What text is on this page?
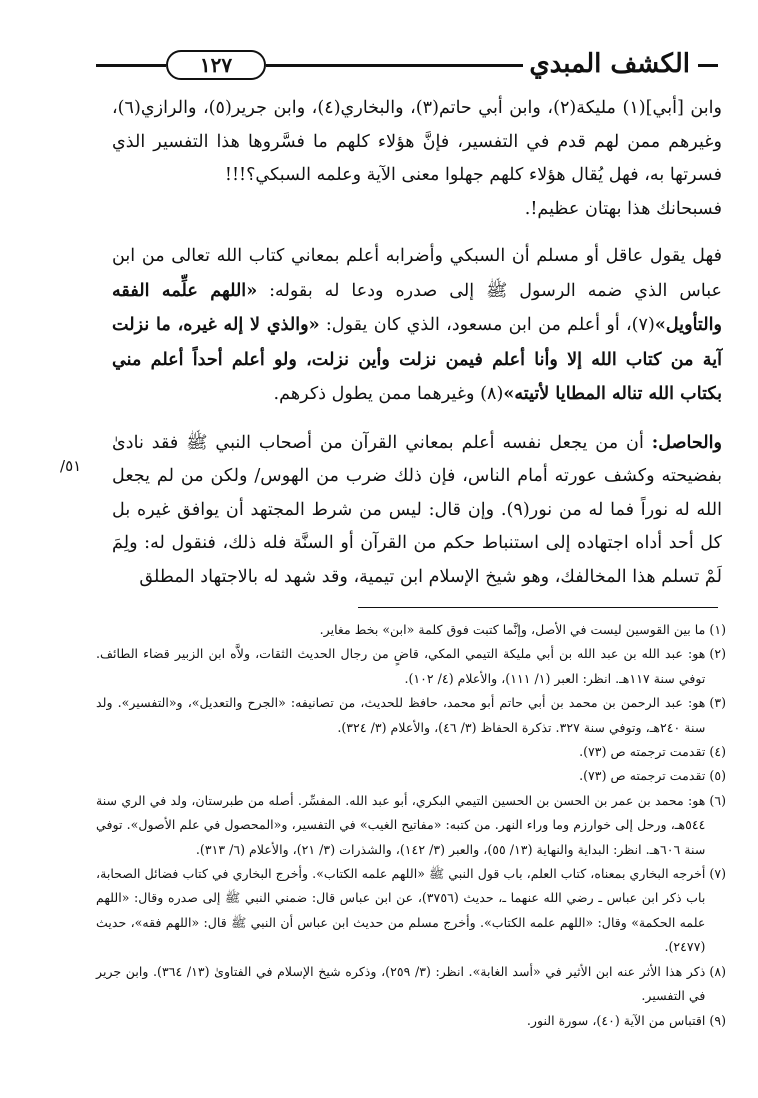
١٢٧	الكشف المبدي

وابن [أبي](١) مليكة(٢)، وابن أبي حاتم(٣)، والبخاري(٤)، وابن جرير(٥)، والرازي(٦)، وغيرهم ممن لهم قدم في التفسير، فإنَّ هؤلاء كلهم ما فسَّروها هذا التفسير الذي فسرتها به، فهل يُقال هؤلاء كلهم جهلوا معنى الآية وعلمه السبكي؟!!!

فسبحانك هذا بهتان عظيم!.

فهل يقول عاقل أو مسلم أن السبكي وأضرابه أعلم بمعاني كتاب الله تعالى من ابن عباس الذي ضمه الرسول ﷺ إلى صدره ودعا له بقوله: «اللهم علِّمه الفقه والتأويل»(٧)، أو أعلم من ابن مسعود، الذي كان يقول: «والذي لا إله غيره، ما نزلت آية من كتاب الله إلا وأنا أعلم فيمن نزلت وأين نزلت، ولو أعلم أحداً أعلم مني بكتاب الله تناله المطايا لأتيته»(٨) وغيرهما ممن يطول ذكرهم.

والحاصل: أن من يجعل نفسه أعلم بمعاني القرآن من أصحاب النبي ﷺ فقد نادىٰ بفضيحته وكشف عورته أمام الناس، فإن ذلك ضرب من الهوس/ ولكن من لم يجعل الله له نوراً فما له من نور(٩). وإن قال: ليس من شرط المجتهد أن يوافق غيره بل كل أحد أداه اجتهاده إلى استنباط حكم من القرآن أو السنَّة فله ذلك، فنقول له: ولِمَ لَمْ تسلم هذا المخالفك، وهو شيخ الإسلام ابن تيمية، وقد شهد له بالاجتهاد المطلق

٥١/
(١)
ما بين القوسين ليست في الأصل، وإنَّما كتبت فوق كلمة «ابن» بخط مغاير.
(٢)
هو: عبد الله بن عبد الله بن أبي مليكة التيمي المكي، قاضٍ من رجال الحديث الثقات، ولاَّه ابن الزبير قضاء الطائف. توفي سنة ١١٧هـ. انظر: العبر (١/ ١١١)، والأعلام (٤/ ١٠٢).
(٣)
هو: عبد الرحمن بن محمد بن أبي حاتم أبو محمد، حافظ للحديث، من تصانيفه: «الجرح والتعديل»، و«التفسير». ولد سنة ٢٤٠هـ، وتوفي سنة ٣٢٧. تذكرة الحفاظ (٣/ ٤٦)، والأعلام (٣/ ٣٢٤).
(٤)
تقدمت ترجمته ص (٧٣).
(٥)
تقدمت ترجمته ص (٧٣).
(٦)
هو: محمد بن عمر بن الحسن بن الحسين التيمي البكري، أبو عبد الله. المفسِّر. أصله من طبرستان، ولد في الري سنة ٥٤٤هـ، ورحل إلى خوارزم وما وراء النهر. من كتبه: «مفاتيح الغيب» في التفسير، و«المحصول في علم الأصول». توفي سنة ٦٠٦هـ. انظر: البداية والنهاية (١٣/ ٥٥)، والعبر (٣/ ١٤٢)، والشذرات (٣/ ٢١)، والأعلام (٦/ ٣١٣).
(٧)
أخرجه البخاري بمعناه، كتاب العلم، باب قول النبي ﷺ «اللهم علمه الكتاب». وأخرج البخاري في كتاب فضائل الصحابة، باب ذكر ابن عباس ـ رضي الله عنهما ـ، حديث (٣٧٥٦)، عن ابن عباس قال: ضمني النبي ﷺ إلى صدره وقال: «اللهم علمه الحكمة» وقال: «اللهم علمه الكتاب». وأخرج مسلم من حديث ابن عباس أن النبي ﷺ قال: «اللهم فقه»، حديث (٢٤٧٧).
(٨)
ذكر هذا الأثر عنه ابن الأثير في «أسد الغابة». انظر: (٣/ ٢٥٩)، وذكره شيخ الإسلام في الفتاوىٰ (١٣/ ٣٦٤). وابن جرير في التفسير.
(٩)
اقتباس من الآية (٤٠)، سورة النور.
